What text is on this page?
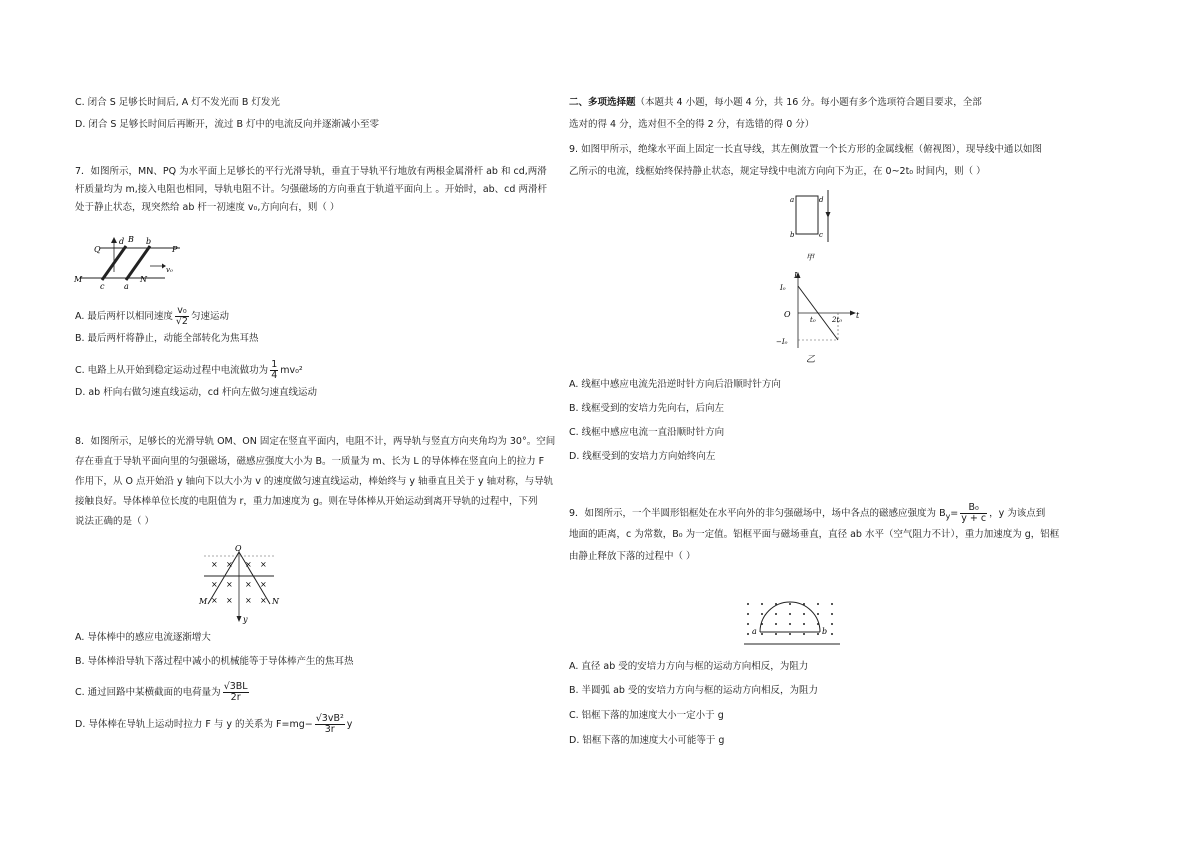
C. 闭合 S 足够长时间后, A 灯不发光而 B 灯发光
D. 闭合 S 足够长时间后再断开，流过 B 灯中的电流反向并逐渐减小至零
7．如图所示，MN、PQ 为水平面上足够长的平行光滑导轨，垂直于导轨平行地放有两根金属滑杆 ab 和 cd,两滑
杆质量均为 m,接入电阻也相同，导轨电阻不计。匀强磁场的方向垂直于轨道平面向上 。开始时，ab、cd 两滑杆
处于静止状态，现突然给 ab 杆一初速度 v₀,方向向右，则（ ）
Q
d B b
P
v₀
M	N
c a
A. 最后两杆以相同速度 $\frac{\text{v₀}}{√2}$ 匀速运动
B. 最后两杆将静止，动能全部转化为焦耳热
C. 电路上从开始到稳定运动过程中电流做功为 $\frac{1}{4} mv_0^2$
D. ab 杆向右做匀速直线运动，cd 杆向左做匀速直线运动
8．如图所示，足够长的光滑导轨 OM、ON 固定在竖直平面内，电阻不计，两导轨与竖直方向夹角均为 30°。空间
存在垂直于导轨平面向里的匀强磁场，磁感应强度大小为 B。一质量为 m、长为 L 的导体棒在竖直向上的拉力 F
作用下，从 O 点开始沿 y 轴向下以大小为 v 的速度做匀速直线运动，棒始终与 y 轴垂直且关于 y 轴对称，与导轨
接触良好。导体棒单位长度的电阻值为 r，重力加速度为 g。则在导体棒从开始运动到离开导轨的过程中，下列
说法正确的是（ ）
× × × ×
× × × ×
× × × ×
O
M	N
y
A. 导体棒中的感应电流逐渐增大
B. 导体棒沿导轨下落过程中减小的机械能等于导体棒产生的焦耳热
C. 通过回路中某横截面的电荷量为 $\frac{√3BL}{2r}$
D. 导体棒在导轨上运动时拉力 F 与 y 的关系为 $F=mg- \frac{\text{√3vB²}}{3r}$ y
二、多项选择题（本题共 4 小题，每小题 4 分，共 16 分。每小题有多个选项符合题目要求，全部
选对的得 4 分，选对但不全的得 2 分，有选错的得 0 分）
9. 如图甲所示，绝缘水平面上固定一长直导线，其左侧放置一个长方形的金属线框（俯视图），现导线中通以如图
乙所示的电流，线框始终保持静止状态，规定导线中电流方向向下为正，在 0~2t₀ 时间内，则（ ）
a	d
b	c
甲
I
I₀
O
t₀ 2t₀ t
−I₀
乙
A. 线框中感应电流先沿逆时针方向后沿顺时针方向
B. 线框受到的安培力先向右，后向左
C. 线框中感应电流一直沿顺时针方向
D. 线框受到的安培力方向始终向左
9．如图所示，一个半圆形铝框处在水平向外的非匀强磁场中，场中各点的磁感应强度为 $B_y= \frac{\text{B₀}}{y + c}$ ，y 为该点到
地面的距离，c 为常数，B₀ 为一定值。铝框平面与磁场垂直，直径 ab 水平（空气阻力不计），重力加速度为 g，铝框
由静止释放下落的过程中（ ）
a	b
A. 直径 ab 受的安培力方向与框的运动方向相反，为阻力
B. 半圆弧 ab 受的安培力方向与框的运动方向相反，为阻力
C. 铝框下落的加速度大小一定小于 g
D. 铝框下落的加速度大小可能等于 g
